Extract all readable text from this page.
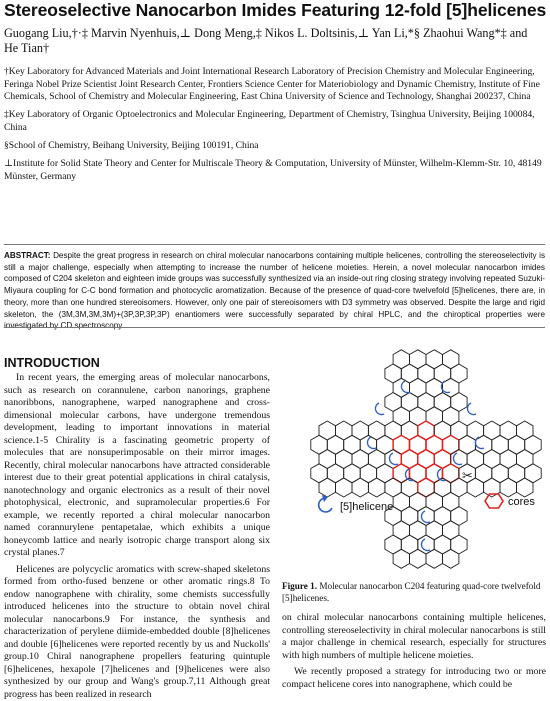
Stereoselective Nanocarbon Imides Featuring 12-fold [5]helicenes
Guogang Liu,†·‡ Marvin Nyenhuis,⊥ Dong Meng,‡ Nikos L. Doltsinis,⊥ Yan Li,*§ Zhaohui Wang*‡ and He Tian†
†Key Laboratory for Advanced Materials and Joint International Research Laboratory of Precision Chemistry and Molecular Engineering, Feringa Nobel Prize Scientist Joint Research Center, Frontiers Science Center for Materiobiology and Dynamic Chemistry, Institute of Fine Chemicals, School of Chemistry and Molecular Engineering, East China University of Science and Technology, Shanghai 200237, China
‡Key Laboratory of Organic Optoelectronics and Molecular Engineering, Department of Chemistry, Tsinghua University, Beijing 100084, China
§School of Chemistry, Beihang University, Beijing 100191, China
⊥Institute for Solid State Theory and Center for Multiscale Theory & Computation, University of Münster, Wilhelm-Klemm-Str. 10, 48149 Münster, Germany
ABSTRACT: Despite the great progress in research on chiral molecular nanocarbons containing multiple helicenes, controlling the stereoselectivity is still a major challenge, especially when attempting to increase the number of helicene moieties. Herein, a novel molecular nanocarbon imides composed of C204 skeleton and eighteen imide groups was successfully synthesized via an inside-out ring closing strategy involving repeated Suzuki-Miyaura coupling for C-C bond formation and photocyclic aromatization. Because of the presence of quad-core twelvefold [5]helicenes, there are, in theory, more than one hundred stereoisomers. However, only one pair of stereoisomers with D3 symmetry was observed. Despite the large and rigid skeleton, the (3M,3M,3M,3M)+(3P,3P,3P,3P) enantiomers were successfully separated by chiral HPLC, and the chiroptical properties were investigated by CD spectroscopy.
INTRODUCTION

In recent years, the emerging areas of molecular nanocarbons, such as research on corannulene, carbon nanorings, graphene nanoribbons, nanographene, warped nanographene and cross-dimensional molecular carbons, have undergone tremendous development, leading to important innovations in material science.1-5 Chirality is a fascinating geometric property of molecules that are nonsuperimposable on their mirror images. Recently, chiral molecular nanocarbons have attracted considerable interest due to their great potential applications in chiral catalysis, nanotechnology and organic electronics as a result of their novel photophysical, electronic, and supramolecular properties.6 For example, we recently reported a chiral molecular nanocarbon named corannurylene pentapetalae, which exhibits a unique honeycomb lattice and nearly isotropic charge transport along six crystal planes.7

Helicenes are polycyclic aromatics with screw-shaped skeletons formed from ortho-fused benzene or other aromatic rings.8 To endow nanographene with chirality, some chemists successfully introduced helicenes into the structure to obtain novel chiral molecular nanocarbons.9 For instance, the synthesis and characterization of perylene diimide-embedded double [8]helicenes and double [6]helicenes were reported recently by us and Nuckolls' group.10 Chiral nanographene propellers featuring quintuple [6]helicenes, hexapole [7]helicenes and [9]helicenes were also synthesized by our group and Wang's group.7,11 Although great progress has been realized in research

✂
[5]helicene	cores
Figure 1. Molecular nanocarbon C204 featuring quad-core twelvefold [5]helicenes.

on chiral molecular nanocarbons containing multiple helicenes, controlling stereoselectivity in chiral molecular nanocarbons is still a major challenge in chemical research, especially for structures with high numbers of multiple helicene moieties.

We recently proposed a strategy for introducing two or more compact helicene cores into nanographene, which could be
